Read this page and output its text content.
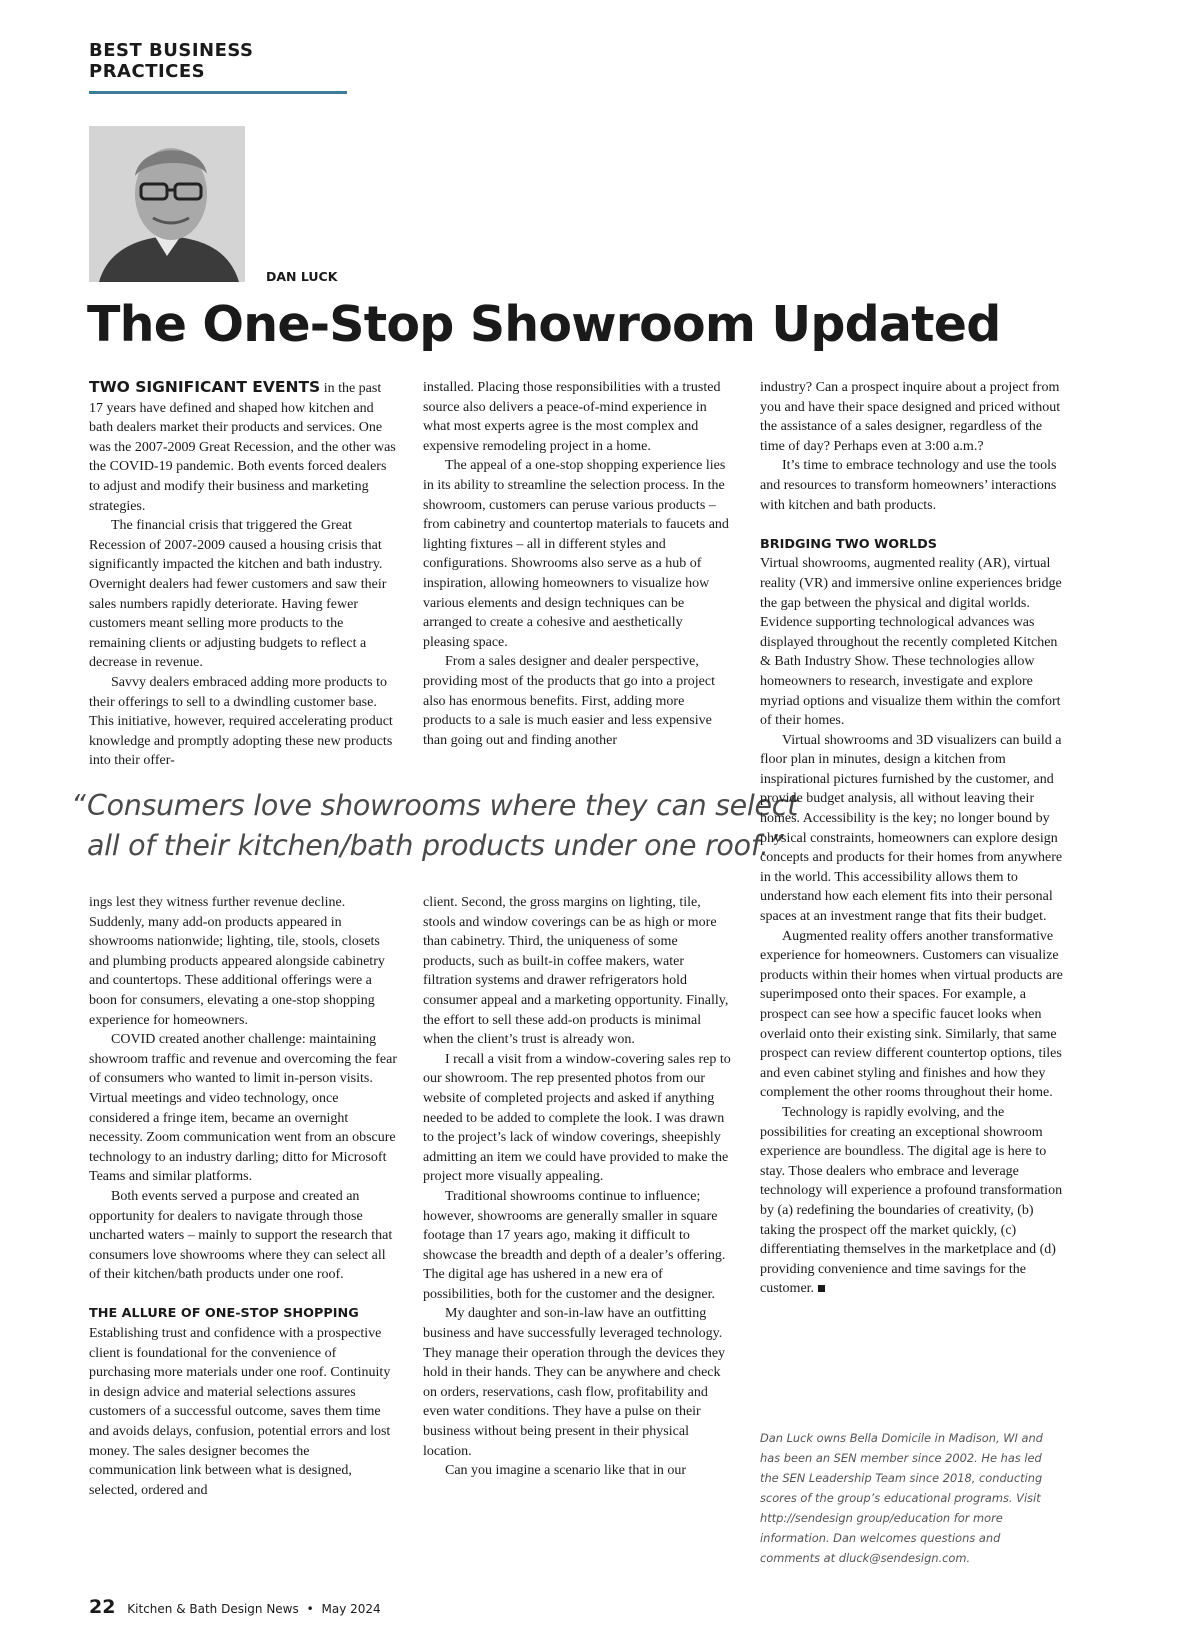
BEST BUSINESS PRACTICES
DAN LUCK
The One-Stop Showroom Updated

TWO SIGNIFICANT EVENTS in the past 17 years have defined and shaped how kitchen and bath dealers market their products and services. One was the 2007-2009 Great Recession, and the other was the COVID-19 pandemic. Both events forced dealers to adjust and modify their business and marketing strategies.

The financial crisis that triggered the Great Recession of 2007-2009 caused a housing crisis that significantly impacted the kitchen and bath industry. Overnight dealers had fewer customers and saw their sales numbers rapidly deteriorate. Having fewer customers meant selling more products to the remaining clients or adjusting budgets to reflect a decrease in revenue.

Savvy dealers embraced adding more products to their offerings to sell to a dwindling customer base. This initiative, however, required accelerating product knowledge and promptly adopting these new products into their offer-

installed. Placing those responsibilities with a trusted source also delivers a peace-of-mind experience in what most experts agree is the most complex and expensive remodeling project in a home.

The appeal of a one-stop shopping experience lies in its ability to streamline the selection process. In the showroom, customers can peruse various products – from cabinetry and countertop materials to faucets and lighting fixtures – all in different styles and configurations. Showrooms also serve as a hub of inspiration, allowing homeowners to visualize how various elements and design techniques can be arranged to create a cohesive and aesthetically pleasing space.

From a sales designer and dealer perspective, providing most of the products that go into a project also has enormous benefits. First, adding more products to a sale is much easier and less expensive than going out and finding another

“ Consumers love showrooms where they can select
all of their kitchen/bath products under one roof.”

ings lest they witness further revenue decline. Suddenly, many add-on products appeared in showrooms nationwide; lighting, tile, stools, closets and plumbing products appeared alongside cabinetry and countertops. These additional offerings were a boon for consumers, elevating a one-stop shopping experience for homeowners.

COVID created another challenge: maintaining showroom traffic and revenue and overcoming the fear of consumers who wanted to limit in-person visits. Virtual meetings and video technology, once considered a fringe item, became an overnight necessity. Zoom communication went from an obscure technology to an industry darling; ditto for Microsoft Teams and similar platforms.

Both events served a purpose and created an opportunity for dealers to navigate through those uncharted waters – mainly to support the research that consumers love showrooms where they can select all of their kitchen/bath products under one roof.

THE ALLURE OF ONE-STOP SHOPPING

Establishing trust and confidence with a prospective client is foundational for the convenience of purchasing more materials under one roof. Continuity in design advice and material selections assures customers of a successful outcome, saves them time and avoids delays, confusion, potential errors and lost money. The sales designer becomes the communication link between what is designed, selected, ordered and

client. Second, the gross margins on lighting, tile, stools and window coverings can be as high or more than cabinetry. Third, the uniqueness of some products, such as built-in coffee makers, water filtration systems and drawer refrigerators hold consumer appeal and a marketing opportunity. Finally, the effort to sell these add-on products is minimal when the client’s trust is already won.

I recall a visit from a window-covering sales rep to our showroom. The rep presented photos from our website of completed projects and asked if anything needed to be added to complete the look. I was drawn to the project’s lack of window coverings, sheepishly admitting an item we could have provided to make the project more visually appealing.

Traditional showrooms continue to influence; however, showrooms are generally smaller in square footage than 17 years ago, making it difficult to showcase the breadth and depth of a dealer’s offering. The digital age has ushered in a new era of possibilities, both for the customer and the designer.

My daughter and son-in-law have an outfitting business and have successfully leveraged technology. They manage their operation through the devices they hold in their hands. They can be anywhere and check on orders, reservations, cash flow, profitability and even water conditions. They have a pulse on their business without being present in their physical location.

Can you imagine a scenario like that in our

industry? Can a prospect inquire about a project from you and have their space designed and priced without the assistance of a sales designer, regardless of the time of day? Perhaps even at 3:00 a.m.?

It’s time to embrace technology and use the tools and resources to transform homeowners’ interactions with kitchen and bath products.

BRIDGING TWO WORLDS

Virtual showrooms, augmented reality (AR), virtual reality (VR) and immersive online experiences bridge the gap between the physical and digital worlds. Evidence supporting technological advances was displayed throughout the recently completed Kitchen & Bath Industry Show. These technologies allow homeowners to research, investigate and explore myriad options and visualize them within the comfort of their homes.

Virtual showrooms and 3D visualizers can build a floor plan in minutes, design a kitchen from inspirational pictures furnished by the customer, and provide budget analysis, all without leaving their homes. Accessibility is the key; no longer bound by physical constraints, homeowners can explore design concepts and products for their homes from anywhere in the world. This accessibility allows them to understand how each element fits into their personal spaces at an investment range that fits their budget.

Augmented reality offers another transformative experience for homeowners. Customers can visualize products within their homes when virtual products are superimposed onto their spaces. For example, a prospect can see how a specific faucet looks when overlaid onto their existing sink. Similarly, that same prospect can review different countertop options, tiles and even cabinet styling and finishes and how they complement the other rooms throughout their home.

Technology is rapidly evolving, and the possibilities for creating an exceptional showroom experience are boundless. The digital age is here to stay. Those dealers who embrace and leverage technology will experience a profound transformation by (a) redefining the boundaries of creativity, (b) taking the prospect off the market quickly, (c) differentiating themselves in the marketplace and (d) providing convenience and time savings for the customer.

Dan Luck owns Bella Domicile in Madison, WI and has been an SEN member since 2002. He has led the SEN Leadership Team since 2018, conducting scores of the group’s educational programs. Visit http://sendesign group/education for more information. Dan welcomes questions and comments at dluck@sendesign.com.

22 Kitchen & Bath Design News • May 2024
